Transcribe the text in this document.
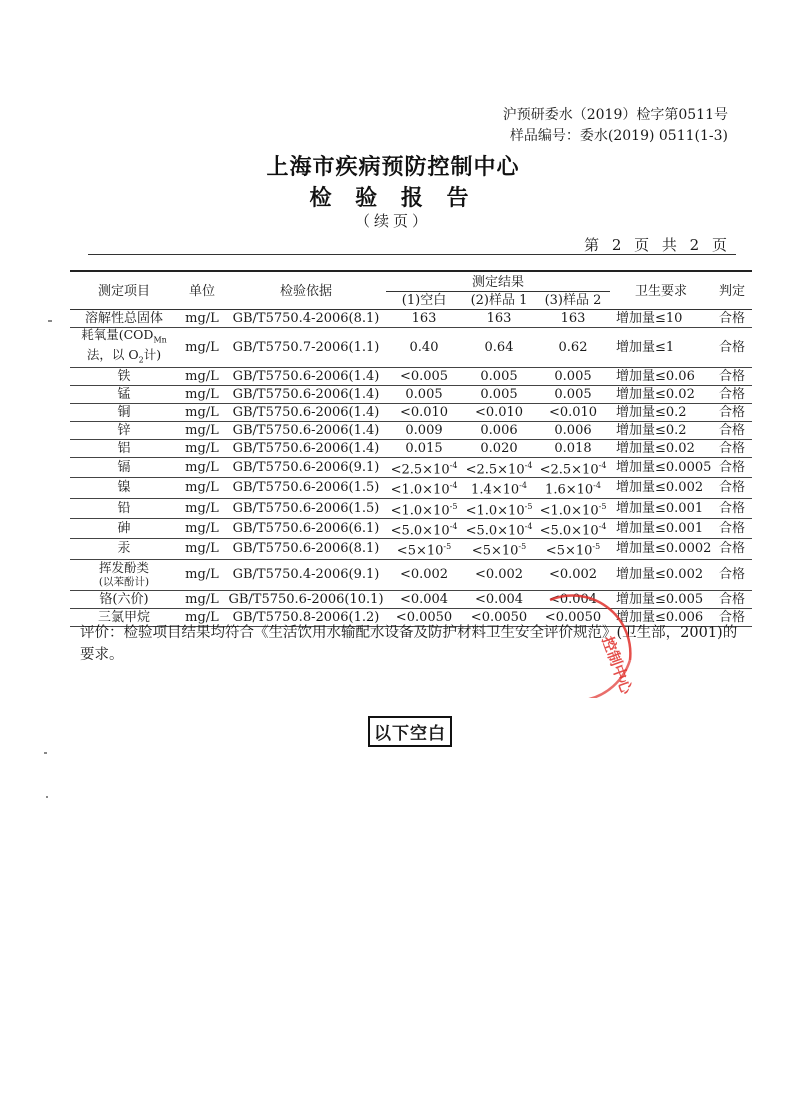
沪预研委水（2019）检字第0511号
样品编号：委水(2019) 0511(1-3)
上海市疾病预防控制中心
检 验 报 告
（续页）
第 2 页 共 2 页
测定项目	单位	检验依据	测定结果			卫生要求	判定
			(1)空白	(2)样品 1	(3)样品 2		
溶解性总固体	mg/L	GB/T5750.4-2006(8.1)	163	163	163	增加量≤10	合格

耗氧量($COD_{Mn}$
法，以 $O_2$计)	mg/L	GB/T5750.7-2006(1.1)	0.40	0.64	0.62	增加量≤1	合格
铁	mg/L	GB/T5750.6-2006(1.4)	<0.005	0.005	0.005	增加量≤0.06	合格
锰	mg/L	GB/T5750.6-2006(1.4)	0.005	0.005	0.005	增加量≤0.02	合格
铜	mg/L	GB/T5750.6-2006(1.4)	<0.010	<0.010	<0.010	增加量≤0.2	合格
锌	mg/L	GB/T5750.6-2006(1.4)	0.009	0.006	0.006	增加量≤0.2	合格
铝	mg/L	GB/T5750.6-2006(1.4)	0.015	0.020	0.018	增加量≤0.02	合格
镉	mg/L	GB/T5750.6-2006(9.1)	$<2.5\times 10^{-4}$	$<2.5\times 10^{-4}$	$<2.5\times 10^{-4}$	增加量≤0.0005	合格
镍	mg/L	GB/T5750.6-2006(1.5)	$<1.0\times 10^{-4}$	$1.4\times 10^{-4}$	$1.6\times 10^{-4}$	增加量≤0.002	合格
铅	mg/L	GB/T5750.6-2006(1.5)	$<1.0\times 10^{-5}$	$<1.0\times 10^{-5}$	$<1.0\times 10^{-5}$	增加量≤0.001	合格
砷	mg/L	GB/T5750.6-2006(6.1)	$<5.0\times 10^{-4}$	$<5.0\times 10^{-4}$	$<5.0\times 10^{-4}$	增加量≤0.001	合格
汞	mg/L	GB/T5750.6-2006(8.1)	$<5\times 10^{-5}$	$<5\times 10^{-5}$	$<5\times 10^{-5}$	增加量≤0.0002	合格

挥发酚类
(以苯酚计)	mg/L	GB/T5750.4-2006(9.1)	<0.002	<0.002	<0.002	增加量≤0.002	合格
铬(六价)	mg/L	GB/T5750.6-2006(10.1)	<0.004	<0.004	<0.004	增加量≤0.005	合格
三氯甲烷	mg/L	GB/T5750.8-2006(1.2)	<0.0050	<0.0050	<0.0050	增加量≤0.006	合格
评价：检验项目结果均符合《生活饮用水输配水设备及防护材料卫生安全评价规范》(卫生部，2001)的要求。
以下空白
控制中心
